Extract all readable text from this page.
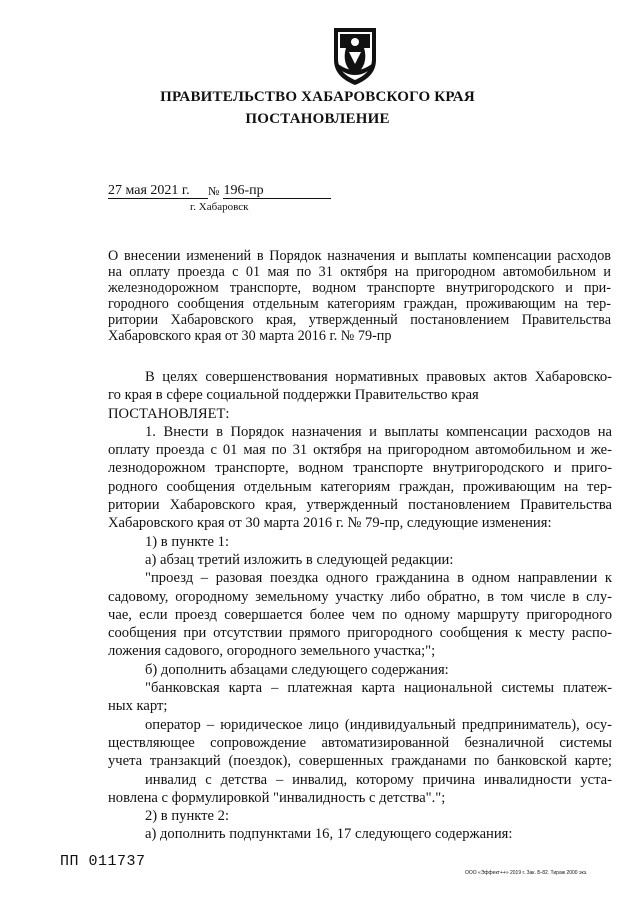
ПРАВИТЕЛЬСТВО ХАБАРОВСКОГО КРАЯ
ПОСТАНОВЛЕНИЕ
27 мая 2021 г. № 196-пр
г. Хабаровск

О внесении изменений в Порядок назначения и выплаты компенсации расходов

на оплату проезда с 01 мая по 31 октября на пригородном автомобильном и

железнодорожном транспорте, водном транспорте внутригородского и при-

городного сообщения отдельным категориям граждан, проживающим на тер-

ритории Хабаровского края, утвержденный постановлением Правительства

Хабаровского края от 30 марта 2016 г. № 79-пр

В целях совершенствования нормативных правовых актов Хабаровско-

го края в сфере социальной поддержки Правительство края

ПОСТАНОВЛЯЕТ:

1. Внести в Порядок назначения и выплаты компенсации расходов на

оплату проезда с 01 мая по 31 октября на пригородном автомобильном и же-

лезнодорожном транспорте, водном транспорте внутригородского и приго-

родного сообщения отдельным категориям граждан, проживающим на тер-

ритории Хабаровского края, утвержденный постановлением Правительства

Хабаровского края от 30 марта 2016 г. № 79-пр, следующие изменения:

1) в пункте 1:

а) абзац третий изложить в следующей редакции:

"проезд – разовая поездка одного гражданина в одном направлении к

садовому, огородному земельному участку либо обратно, в том числе в слу-

чае, если проезд совершается более чем по одному маршруту пригородного

сообщения при отсутствии прямого пригородного сообщения к месту распо-

ложения садового, огородного земельного участка;";

б) дополнить абзацами следующего содержания:

"банковская карта – платежная карта национальной системы платеж-

ных карт;

оператор – юридическое лицо (индивидуальный предприниматель), осу-

ществляющее сопровождение автоматизированной безналичной системы

учета транзакций (поездок), совершенных гражданами по банковской карте;

инвалид с детства – инвалид, которому причина инвалидности уста-

новлена с формулировкой "инвалидность с детства".";

2) в пункте 2:

а) дополнить подпунктами 16, 17 следующего содержания:

ПП 011737
ООО «Эффект++» 2019 г. Зак. Б-82. Тираж 2000 экз.
